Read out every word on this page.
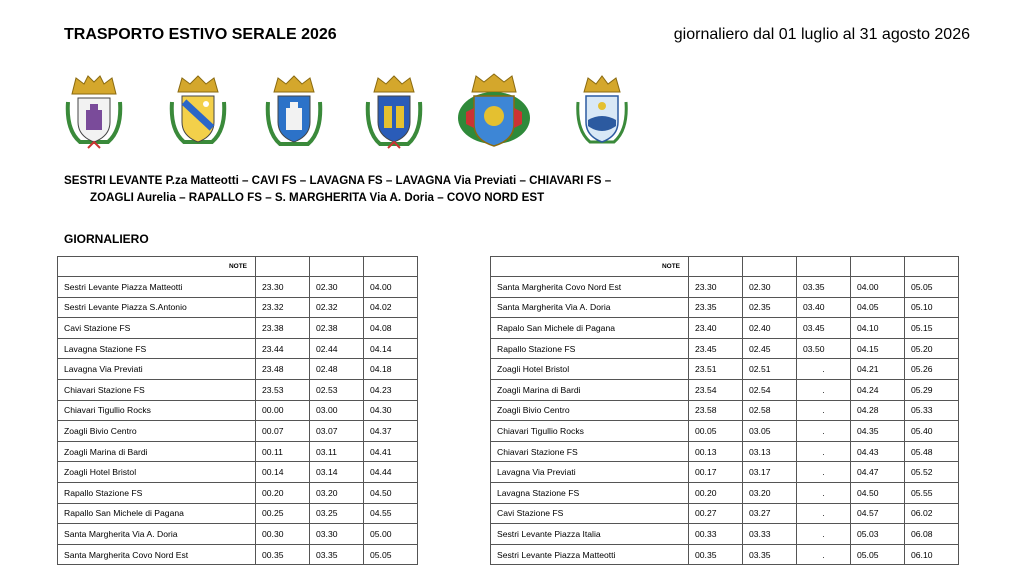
TRASPORTO ESTIVO SERALE 2026	giornaliero dal 01 luglio al 31 agosto 2026
SESTRI LEVANTE P.za Matteotti – CAVI FS – LAVAGNA FS – LAVAGNA Via Previati – CHIAVARI FS –
ZOAGLI Aurelia – RAPALLO FS – S. MARGHERITA Via A. Doria – COVO NORD EST
GIORNALIERO
NOTE			
Sestri Levante Piazza Matteotti	23.30	02.30	04.00
Sestri Levante Piazza S.Antonio	23.32	02.32	04.02
Cavi Stazione FS	23.38	02.38	04.08
Lavagna Stazione FS	23.44	02.44	04.14
Lavagna Via Previati	23.48	02.48	04.18
Chiavari Stazione FS	23.53	02.53	04.23
Chiavari Tigullio Rocks	00.00	03.00	04.30
Zoagli Bivio Centro	00.07	03.07	04.37
Zoagli Marina di Bardi	00.11	03.11	04.41
Zoagli Hotel Bristol	00.14	03.14	04.44
Rapallo Stazione FS	00.20	03.20	04.50
Rapallo San Michele di Pagana	00.25	03.25	04.55
Santa Margherita Via A. Doria	00.30	03.30	05.00
Santa Margherita Covo Nord Est	00.35	03.35	05.05
NOTE					
Santa Margherita Covo Nord Est	23.30	02.30	03.35	04.00	05.05
Santa Margherita Via A. Doria	23.35	02.35	03.40	04.05	05.10
Rapalo San Michele di Pagana	23.40	02.40	03.45	04.10	05.15
Rapallo Stazione FS	23.45	02.45	03.50	04.15	05.20
Zoagli Hotel Bristol	23.51	02.51	.	04.21	05.26
Zoagli Marina di Bardi	23.54	02.54	.	04.24	05.29
Zoagli Bivio Centro	23.58	02.58	.	04.28	05.33
Chiavari Tigullio Rocks	00.05	03.05	.	04.35	05.40
Chiavari Stazione FS	00.13	03.13	.	04.43	05.48
Lavagna Via Previati	00.17	03.17	.	04.47	05.52
Lavagna Stazione FS	00.20	03.20	.	04.50	05.55
Cavi Stazione FS	00.27	03.27	.	04.57	06.02
Sestri Levante Piazza Italia	00.33	03.33	.	05.03	06.08
Sestri Levante Piazza Matteotti	00.35	03.35	.	05.05	06.10
